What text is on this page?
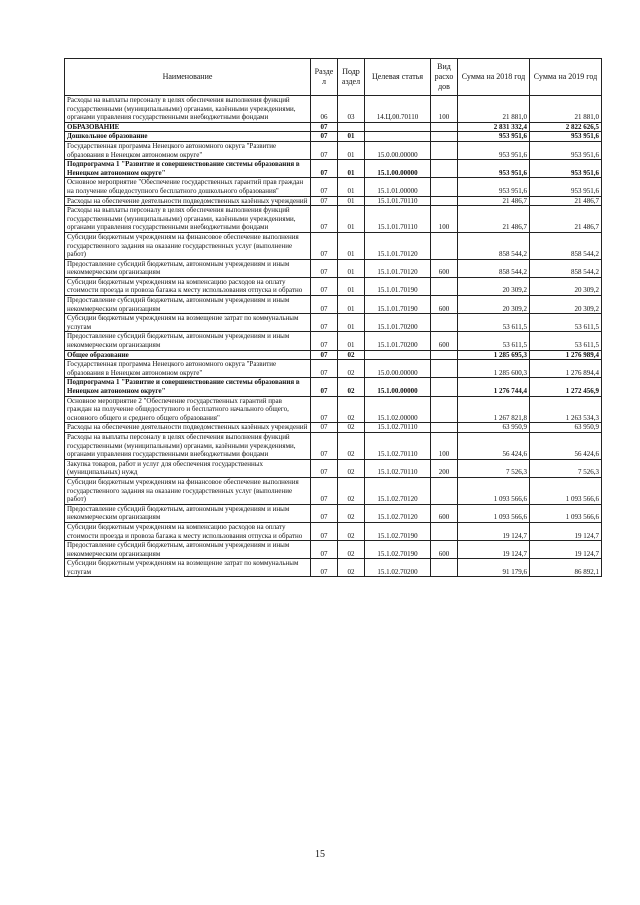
Наименование	Разде л	Подр аздел	Целевая статья	Вид расхо дов	Сумма на 2018 год	Сумма на 2019 год
Расходы на выплаты персоналу в целях обеспечения выполнения функций государственными (муниципальными) органами, казёнными учреждениями, органами управления государственными внебюджетными фондами	06	03	14.Ц.00.70110	100	21 881,0	21 881,0
ОБРАЗОВАНИЕ	07				2 831 332,4	2 822 626,5
Дошкольное образование	07	01			953 951,6	953 951,6
Государственная программа Ненецкого автономного округа "Развитие образования в Ненецком автономном округе"	07	01	15.0.00.00000		953 951,6	953 951,6
Подпрограмма 1 "Развитие и совершенствование системы образования в Ненецком автономном округе"	07	01	15.1.00.00000		953 951,6	953 951,6
Основное мероприятие "Обеспечение государственных гарантий прав граждан на получение общедоступного бесплатного дошкольного образования"	07	01	15.1.01.00000		953 951,6	953 951,6
Расходы на обеспечение деятельности подведомственных казённых учреждений	07	01	15.1.01.70110		21 486,7	21 486,7
Расходы на выплаты персоналу в целях обеспечения выполнения функций государственными (муниципальными) органами, казёнными учреждениями, органами управления государственными внебюджетными фондами	07	01	15.1.01.70110	100	21 486,7	21 486,7
Субсидии бюджетным учреждениям на финансовое обеспечение выполнения государственного задания на оказание государственных услуг (выполнение работ)	07	01	15.1.01.70120		858 544,2	858 544,2
Предоставление субсидий бюджетным, автономным учреждениям и иным некоммерческим организациям	07	01	15.1.01.70120	600	858 544,2	858 544,2
Субсидии бюджетным учреждениям на компенсацию расходов на оплату стоимости проезда и провоза багажа к месту использования отпуска и обратно	07	01	15.1.01.70190		20 309,2	20 309,2
Предоставление субсидий бюджетным, автономным учреждениям и иным некоммерческим организациям	07	01	15.1.01.70190	600	20 309,2	20 309,2
Субсидии бюджетным учреждениям на возмещение затрат по коммунальным услугам	07	01	15.1.01.70200		53 611,5	53 611,5
Предоставление субсидий бюджетным, автономным учреждениям и иным некоммерческим организациям	07	01	15.1.01.70200	600	53 611,5	53 611,5
Общее образование	07	02			1 285 695,3	1 276 989,4
Государственная программа Ненецкого автономного округа "Развитие образования в Ненецком автономном округе"	07	02	15.0.00.00000		1 285 600,3	1 276 894,4
Подпрограмма 1 "Развитие и совершенствование системы образования в Ненецком автономном округе"	07	02	15.1.00.00000		1 276 744,4	1 272 456,9
Основное мероприятие 2 "Обеспечение государственных гарантий прав граждан на получение общедоступного и бесплатного начального общего, основного общего и среднего общего образования"	07	02	15.1.02.00000		1 267 821,8	1 263 534,3
Расходы на обеспечение деятельности подведомственных казённых учреждений	07	02	15.1.02.70110		63 950,9	63 950,9
Расходы на выплаты персоналу в целях обеспечения выполнения функций государственными (муниципальными) органами, казёнными учреждениями, органами управления государственными внебюджетными фондами	07	02	15.1.02.70110	100	56 424,6	56 424,6
Закупка товаров, работ и услуг для обеспечения государственных (муниципальных) нужд	07	02	15.1.02.70110	200	7 526,3	7 526,3
Субсидии бюджетным учреждениям на финансовое обеспечение выполнения государственного задания на оказание государственных услуг (выполнение работ)	07	02	15.1.02.70120		1 093 566,6	1 093 566,6
Предоставление субсидий бюджетным, автономным учреждениям и иным некоммерческим организациям	07	02	15.1.02.70120	600	1 093 566,6	1 093 566,6
Субсидии бюджетным учреждениям на компенсацию расходов на оплату стоимости проезда и провоза багажа к месту использования отпуска и обратно	07	02	15.1.02.70190		19 124,7	19 124,7
Предоставление субсидий бюджетным, автономным учреждениям и иным некоммерческим организациям	07	02	15.1.02.70190	600	19 124,7	19 124,7
Субсидии бюджетным учреждениям на возмещение затрат по коммунальным услугам	07	02	15.1.02.70200		91 179,6	86 892,1
15
